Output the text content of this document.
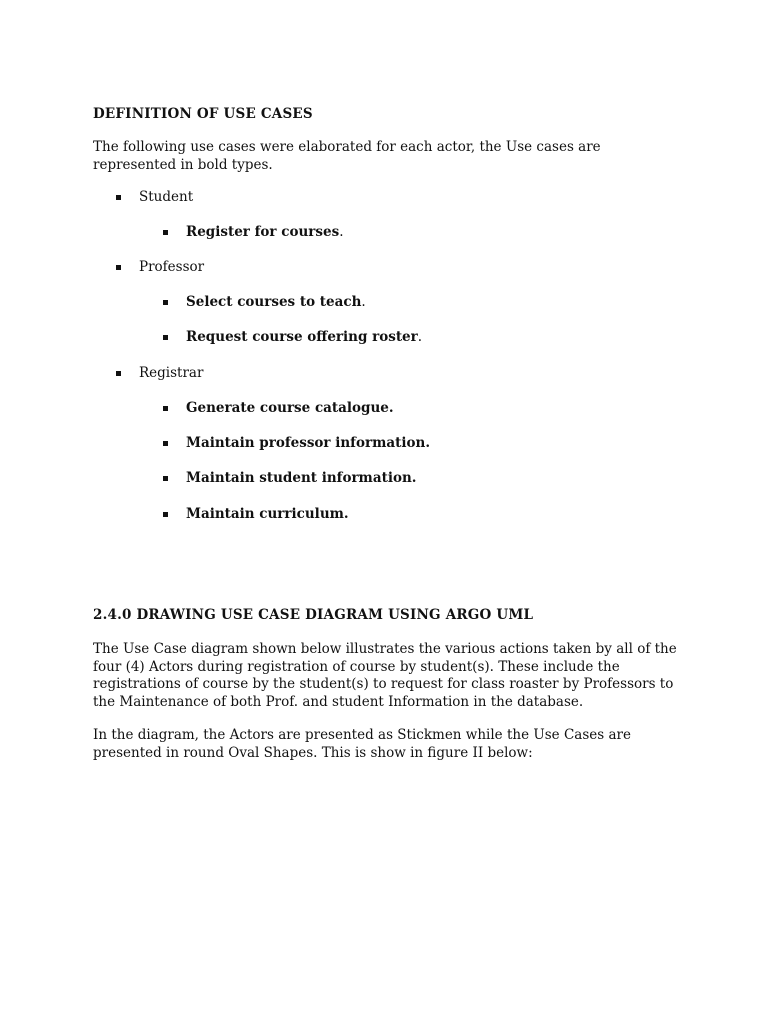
DEFINITION OF USE CASES
The following use cases were elaborated for each actor, the Use cases are represented in bold types.
Student
Register for courses .
Professor
Select courses to teach .
Request course offering roster .
Registrar
Generate course catalogue.
Maintain professor information.
Maintain student information.
Maintain curriculum.
2.4.0 DRAWING USE CASE DIAGRAM USING ARGO UML
The Use Case diagram shown below illustrates the various actions taken by all of the four (4) Actors during registration of course by student(s). These include the registrations of course by the student(s) to request for class roaster by Professors to the Maintenance of both Prof. and student Information in the database.
In the diagram, the Actors are presented as Stickmen while the Use Cases are presented in round Oval Shapes. This is show in figure II below:
